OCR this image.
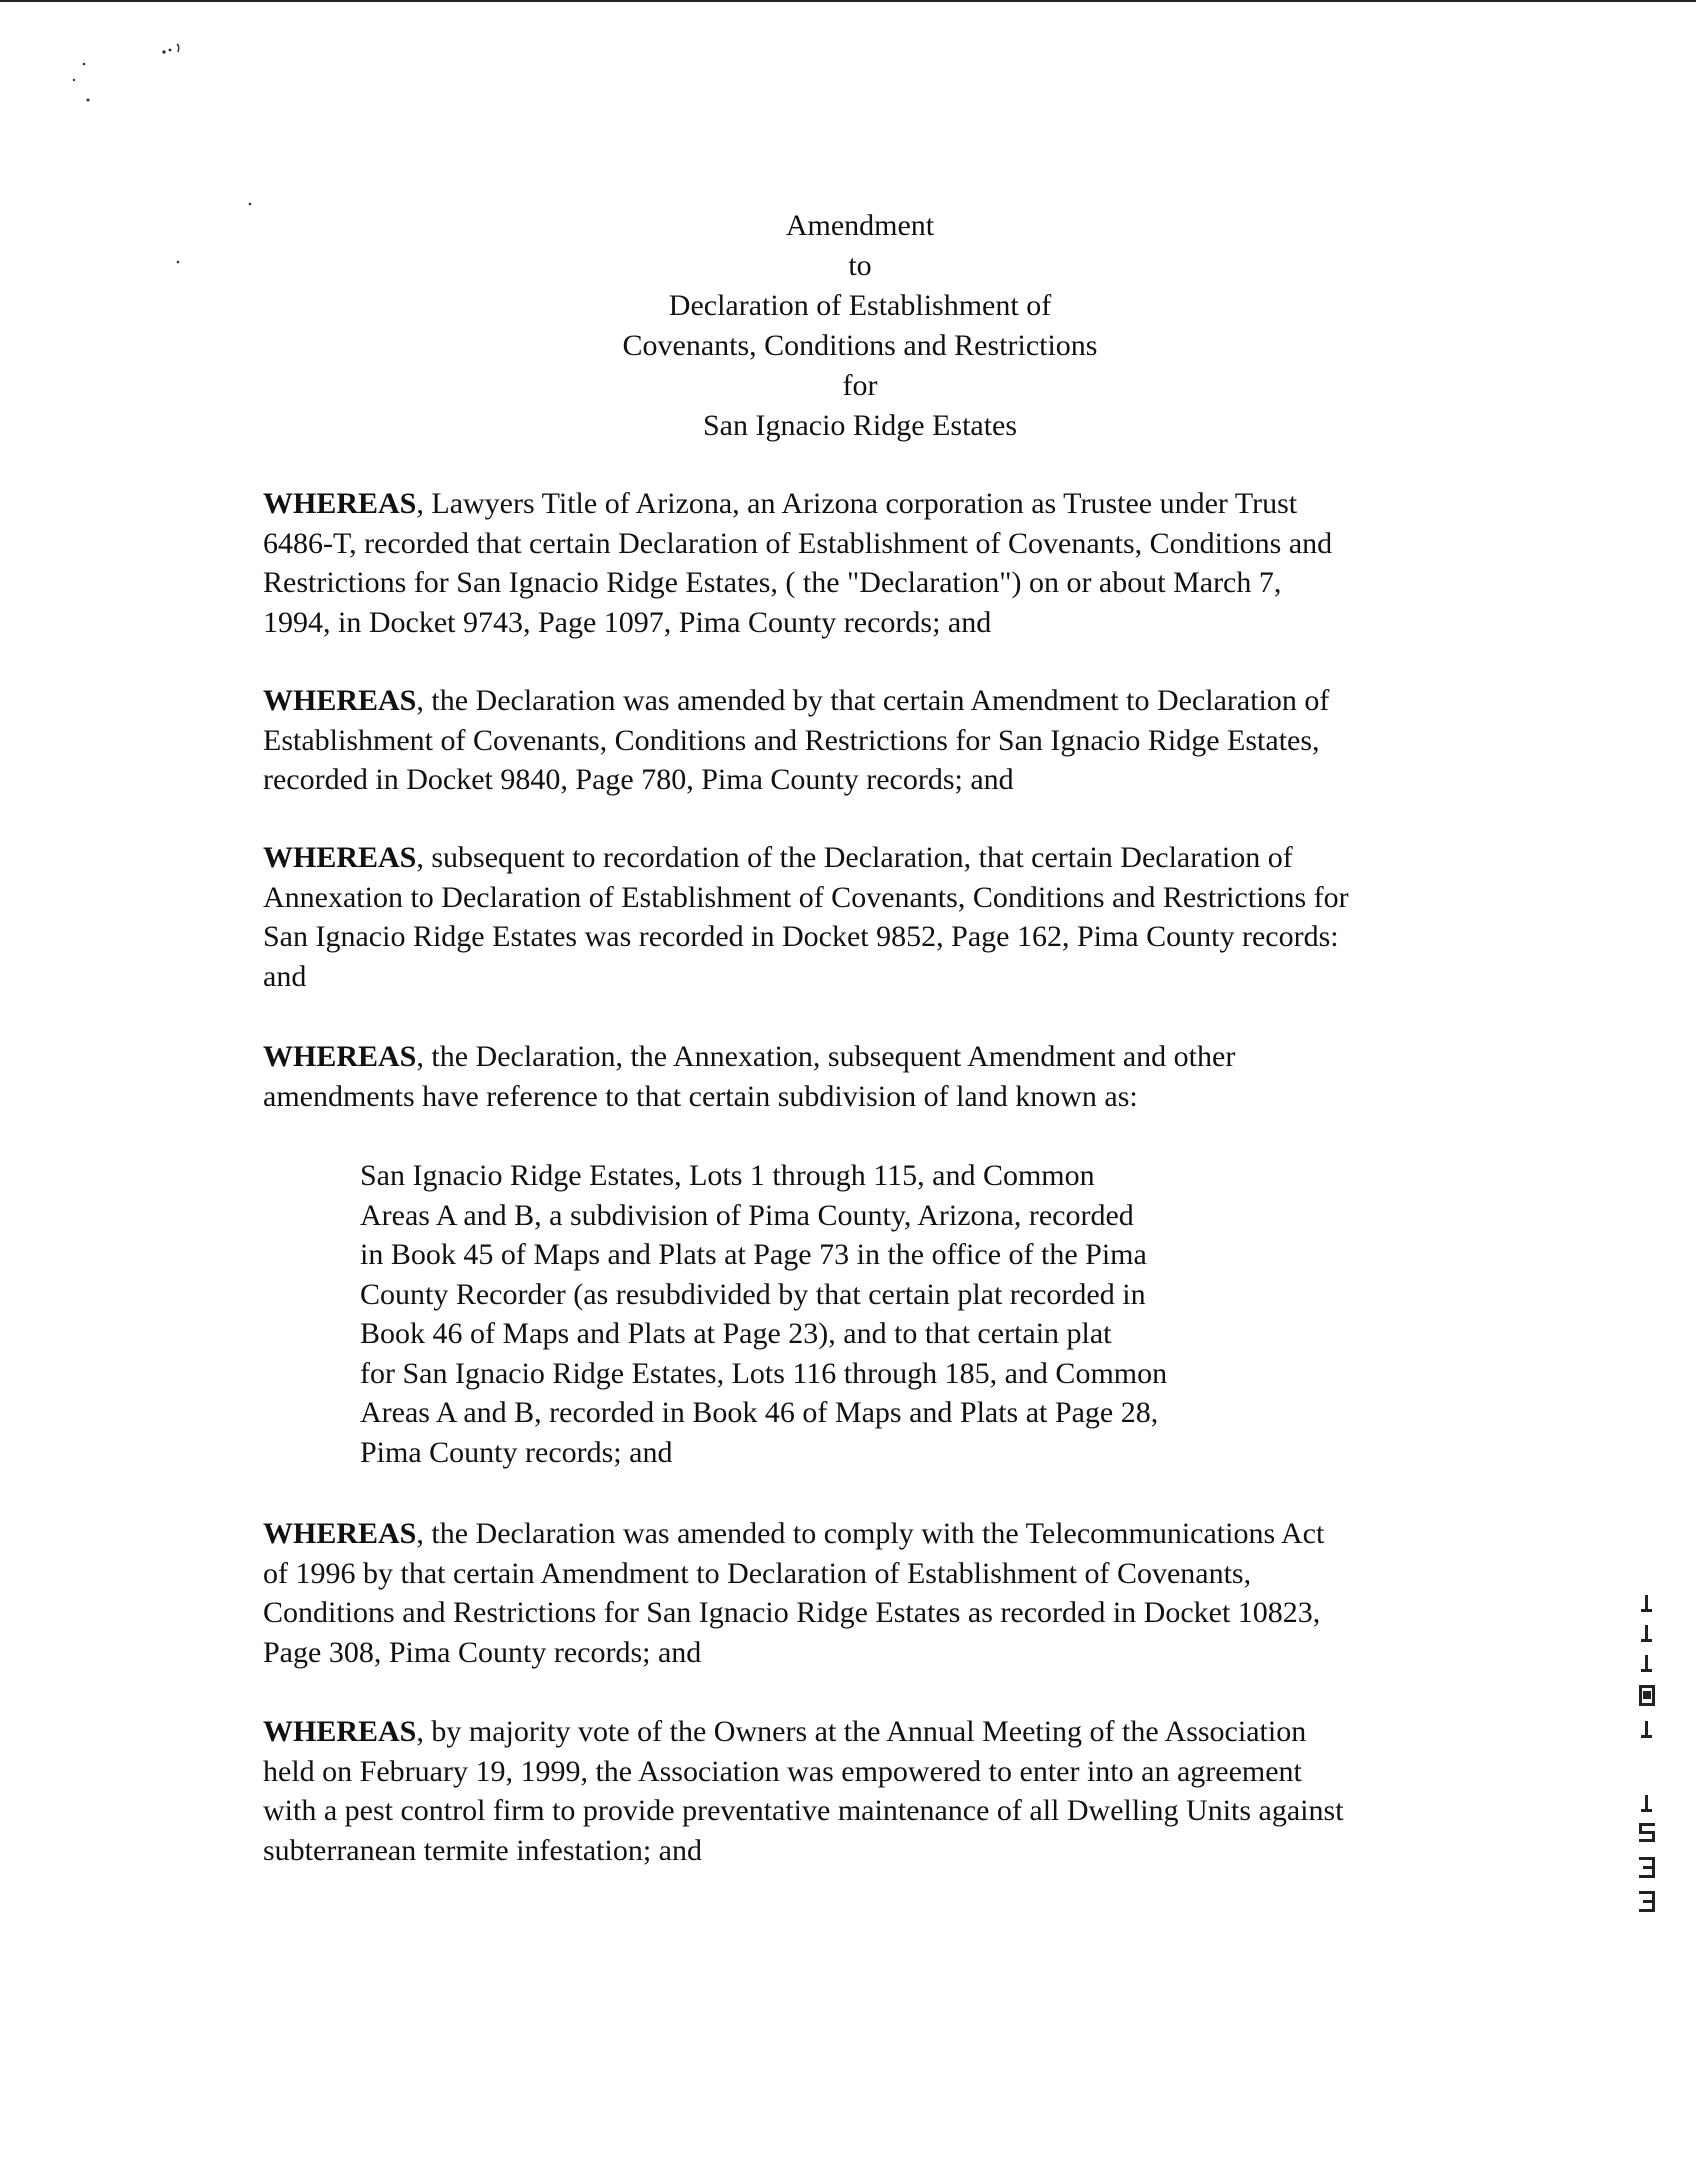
Amendment
to
Declaration of Establishment of
Covenants, Conditions and Restrictions
for
San Ignacio Ridge Estates
WHEREAS, Lawyers Title of Arizona, an Arizona corporation as Trustee under Trust
6486-T, recorded that certain Declaration of Establishment of Covenants, Conditions and
Restrictions for San Ignacio Ridge Estates, ( the "Declaration") on or about March 7,
1994, in Docket 9743, Page 1097, Pima County records; and
WHEREAS, the Declaration was amended by that certain Amendment to Declaration of
Establishment of Covenants, Conditions and Restrictions for San Ignacio Ridge Estates,
recorded in Docket 9840, Page 780, Pima County records; and
WHEREAS, subsequent to recordation of the Declaration, that certain Declaration of
Annexation to Declaration of Establishment of Covenants, Conditions and Restrictions for
San Ignacio Ridge Estates was recorded in Docket 9852, Page 162, Pima County records:
and
WHEREAS, the Declaration, the Annexation, subsequent Amendment and other
amendments have reference to that certain subdivision of land known as:
San Ignacio Ridge Estates, Lots 1 through 115, and Common
Areas A and B, a subdivision of Pima County, Arizona, recorded
in Book 45 of Maps and Plats at Page 73 in the office of the Pima
County Recorder (as resubdivided by that certain plat recorded in
Book 46 of Maps and Plats at Page 23), and to that certain plat
for San Ignacio Ridge Estates, Lots 116 through 185, and Common
Areas A and B, recorded in Book 46 of Maps and Plats at Page 28,
Pima County records; and
WHEREAS, the Declaration was amended to comply with the Telecommunications Act
of 1996 by that certain Amendment to Declaration of Establishment of Covenants,
Conditions and Restrictions for San Ignacio Ridge Estates as recorded in Docket 10823,
Page 308, Pima County records; and
WHEREAS, by majority vote of the Owners at the Annual Meeting of the Association
held on February 19, 1999, the Association was empowered to enter into an agreement
with a pest control firm to provide preventative maintenance of all Dwelling Units against
subterranean termite infestation; and
